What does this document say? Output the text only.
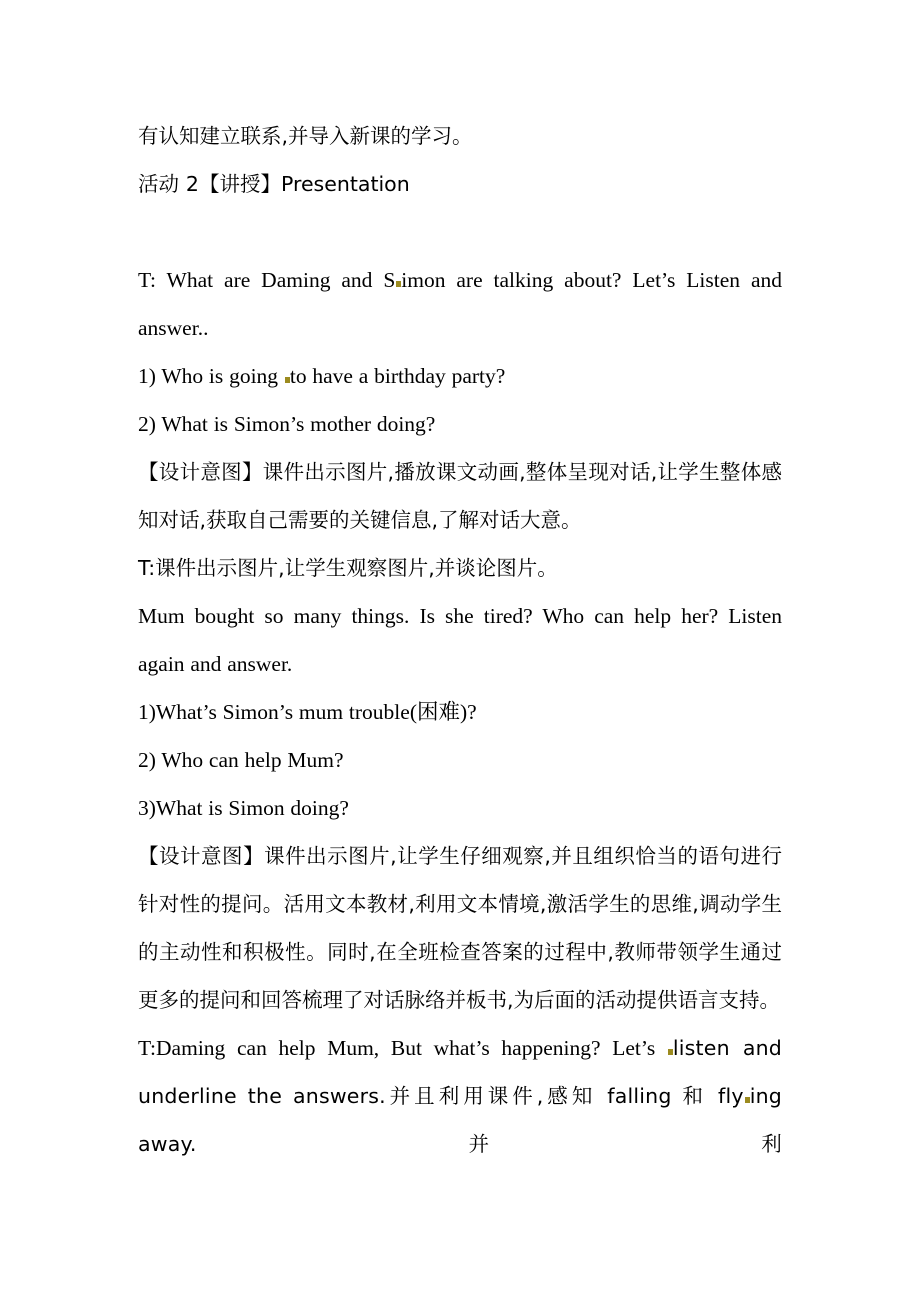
有认知建立联系,并导入新课的学习。

活动 2【讲授】Presentation

T: What are Daming and S imon are talking about? Let’s Listen and answer..

1) Who is going to have a birthday party?

2) What is Simon’s mother doing?

【设计意图】课件出示图片,播放课文动画,整体呈现对话,让学生整体感知对话,获取自己需要的关键信息,了解对话大意。

T:课件出示图片,让学生观察图片,并谈论图片。

Mum bought so many things. Is she tired? Who can help her? Listen again and answer.

1)What’s Simon’s mum trouble(困难)?

2) Who can help Mum?

3)What is Simon doing?

【设计意图】课件出示图片,让学生仔细观察,并且组织恰当的语句进行针对性的提问。活用文本教材,利用文本情境,激活学生的思维,调动学生的主动性和积极性。同时,在全班检查答案的过程中,教师带领学生通过更多的提问和回答梳理了对话脉络并板书,为后面的活动提供语言支持。

T:Daming can help Mum, But what’s happening? Let’s listen and underline the answers.并且利用课件,感知 falling 和 fly ing away.并利
